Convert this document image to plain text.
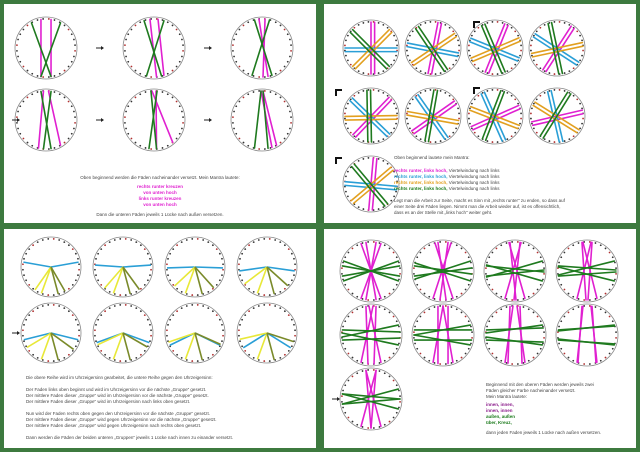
Oben beginnend werden die Fäden nacheinander versetzt. Mein Mantra lautete:
rechts runter kreuzen
von unten hoch
links runter kreuzen
von unten hoch
Dann die unteren Fäden jeweils 1 Lücke nach außen versetzen.
Oben beginnend lautete mein Mantra:
rechts runter, links hoch, Viertelwindung nach links
rechts runter, links hoch, Viertelwindung nach links
rechts runter, links hoch, Viertelwindung nach links
rechts runter, links hoch, Viertelwindung nach links
Legt man die Arbeit zur Seite, macht es Sinn mit „rechts runter" zu enden, so dass auf
einer Seite drei Fäden liegen. Nimmt man die Arbeit wieder auf, ist es offensichtlich,
dass es an der Stelle mit „links hoch" weiter geht.
Die obere Reihe wird im Uhrzeigersinn gearbeitet, die untere Reihe gegen den Uhrzeigersinn:
Der Faden links oben beginnt und wird im Uhrzeigersinn vor die nächste „Gruppe" gesetzt.
Der mittlere Faden dieser „Gruppe" wird im Uhrzeigersinn vor die nächste „Gruppe" gesetzt.
Der mittlere Faden dieser „Gruppe" wird im Uhrzeigersinn nach links oben gesetzt.
Nun wird der Faden rechts oben gegen den Uhrzeigersinn vor die nächste „Gruppe" gesetzt.
Der mittlere Faden dieser „Gruppe" wird gegen Uhrzeigersinn vor die nächste „Gruppe" gesetzt.
Der mittlere Faden dieser „Gruppe" wird gegen Uhrzeigersinn nach rechts oben gesetzt.
Dann werden die Fäden der beiden unteren „Gruppen" jeweils 1 Lücke nach innen zu einander versetzt.
Beginnend mit den oberen Fäden werden jeweils zwei
Fäden gleicher Farbe nacheinander versetzt.
Mein Mantra lautete:
innen, innen,
innen, innen
außen, außen
über, Kreuz,
dann jeden Faden jeweils 1 Lücke nach außen versetzen.
